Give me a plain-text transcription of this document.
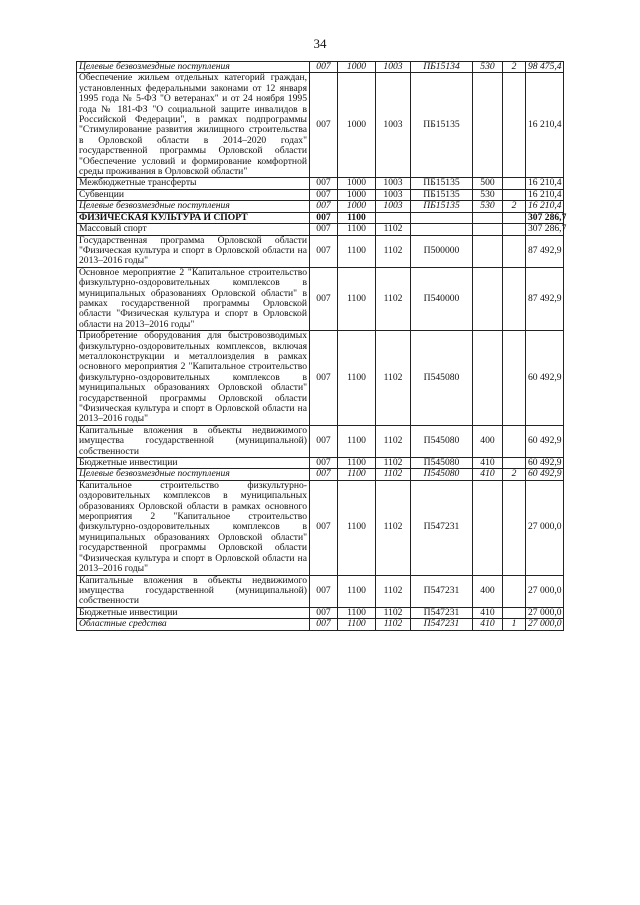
34
Целевые безвозмездные поступления	007	1000	1003	ПБ15134	530	2	98 475,4
Обеспечение жильем отдельных категорий граждан, установленных федеральными законами от 12 января 1995 года № 5-ФЗ "О ветеранах" и от 24 ноября 1995 года № 181-ФЗ "О социальной защите инвалидов в Российской Федерации", в рамках подпрограммы "Стимулирование развития жилищного строительства в Орловской области в 2014–2020 годах" государственной программы Орловской области "Обеспечение условий и формирование комфортной среды проживания в Орловской области"	007	1000	1003	ПБ15135			16 210,4
Межбюджетные трансферты	007	1000	1003	ПБ15135	500		16 210,4
Субвенции	007	1000	1003	ПБ15135	530		16 210,4
Целевые безвозмездные поступления	007	1000	1003	ПБ15135	530	2	16 210,4
ФИЗИЧЕСКАЯ КУЛЬТУРА И СПОРТ	007	1100					307 286,7
Массовый спорт	007	1100	1102				307 286,7
Государственная программа Орловской области "Физическая культура и спорт в Орловской области на 2013–2016 годы"	007	1100	1102	П500000			87 492,9
Основное мероприятие 2 "Капитальное строительство физкультурно-оздоровительных комплексов в муниципальных образованиях Орловской области" в рамках государственной программы Орловской области "Физическая культура и спорт в Орловской области на 2013–2016 годы"	007	1100	1102	П540000			87 492,9
Приобретение оборудования для быстровозводимых физкультурно-оздоровительных комплексов, включая металлоконструкции и металлоизделия в рамках основного мероприятия 2 "Капитальное строительство физкультурно-оздоровительных комплексов в муниципальных образованиях Орловской области" государственной программы Орловской области "Физическая культура и спорт в Орловской области на 2013–2016 годы"	007	1100	1102	П545080			60 492,9
Капитальные вложения в объекты недвижимого имущества государственной (муниципальной) собственности	007	1100	1102	П545080	400		60 492,9
Бюджетные инвестиции	007	1100	1102	П545080	410		60 492,9
Целевые безвозмездные поступления	007	1100	1102	П545080	410	2	60 492,9
Капитальное строительство физкультурно-оздоровительных комплексов в муниципальных образованиях Орловской области в рамках основного мероприятия 2 "Капитальное строительство физкультурно-оздоровительных комплексов в муниципальных образованиях Орловской области" государственной программы Орловской области "Физическая культура и спорт в Орловской области на 2013–2016 годы"	007	1100	1102	П547231			27 000,0
Капитальные вложения в объекты недвижимого имущества государственной (муниципальной) собственности	007	1100	1102	П547231	400		27 000,0
Бюджетные инвестиции	007	1100	1102	П547231	410		27 000,0
Областные средства	007	1100	1102	П547231	410	1	27 000,0
